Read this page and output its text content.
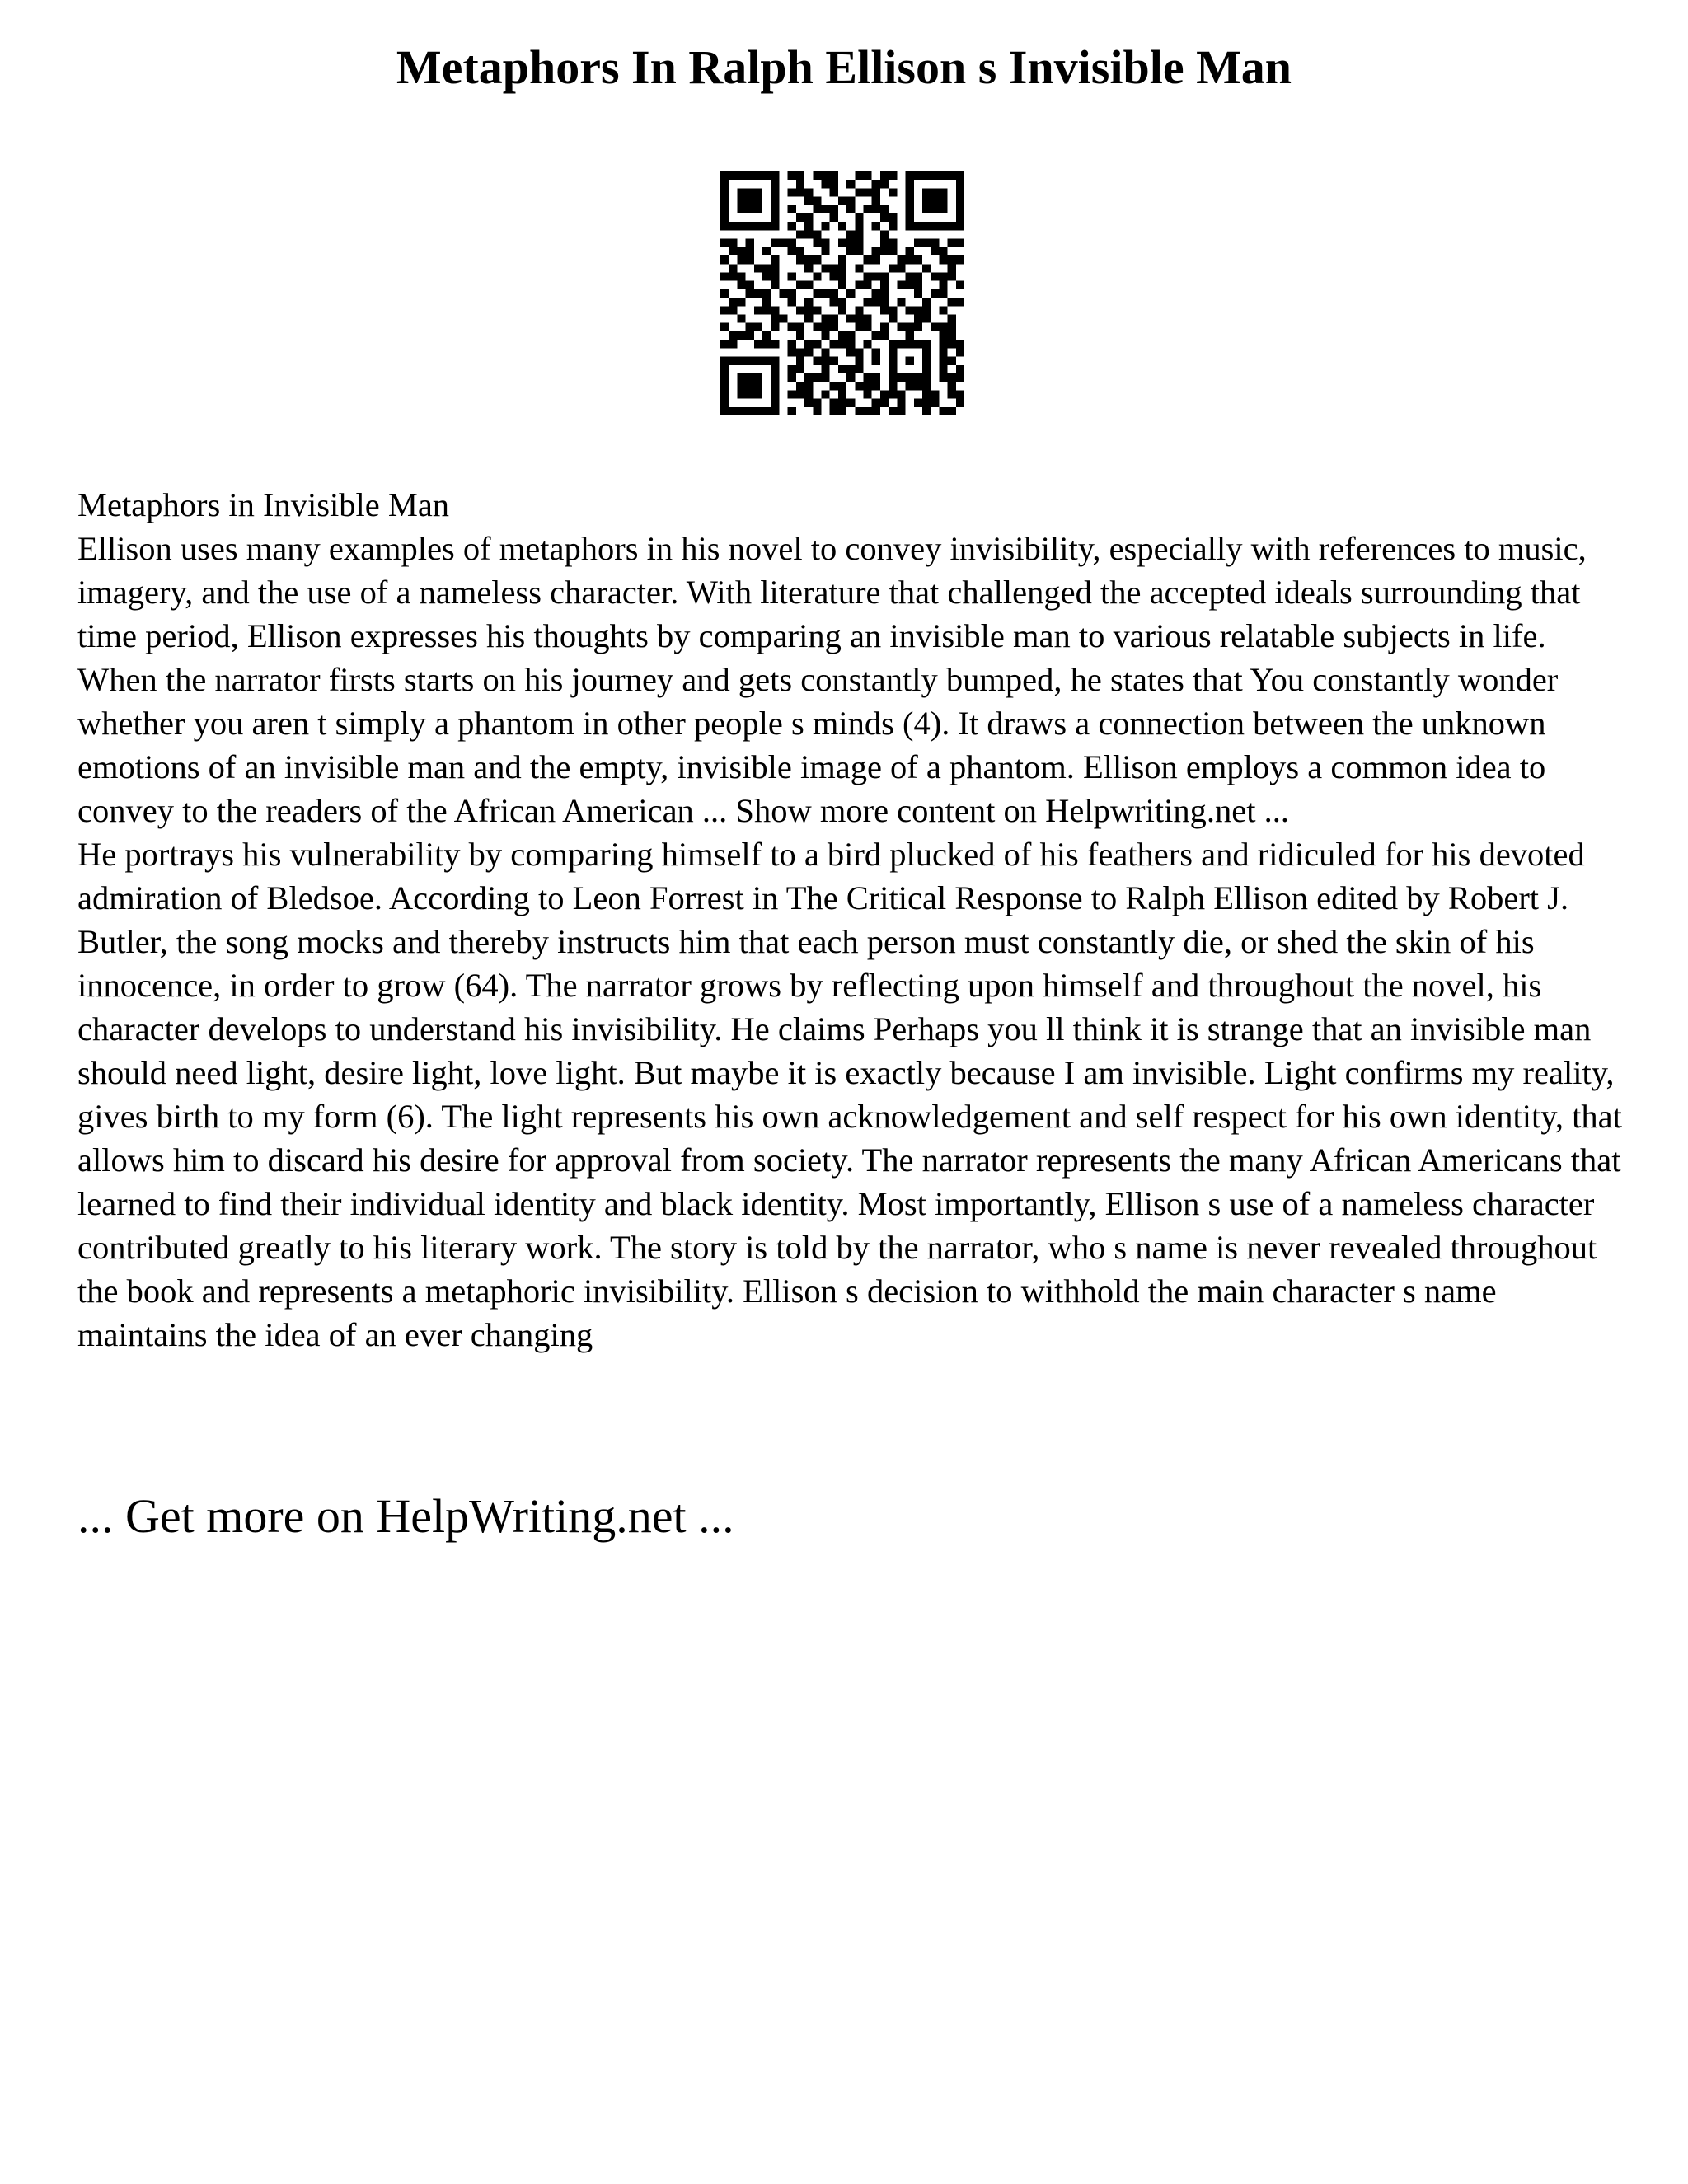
Metaphors In Ralph Ellison s Invisible Man

Metaphors in Invisible Man

Ellison uses many examples of metaphors in his novel to convey invisibility, especially with references to music, imagery, and the use of a nameless character. With literature that challenged the accepted ideals surrounding that time period, Ellison expresses his thoughts by comparing an invisible man to various relatable subjects in life. When the narrator firsts starts on his journey and gets constantly bumped, he states that You constantly wonder whether you aren t simply a phantom in other people s minds (4). It draws a connection between the unknown emotions of an invisible man and the empty, invisible image of a phantom. Ellison employs a common idea to convey to the readers of the African American ... Show more content on Helpwriting.net ...

He portrays his vulnerability by comparing himself to a bird plucked of his feathers and ridiculed for his devoted admiration of Bledsoe. According to Leon Forrest in The Critical Response to Ralph Ellison edited by Robert J. Butler, the song mocks and thereby instructs him that each person must constantly die, or shed the skin of his innocence, in order to grow (64). The narrator grows by reflecting upon himself and throughout the novel, his character develops to understand his invisibility. He claims Perhaps you ll think it is strange that an invisible man should need light, desire light, love light. But maybe it is exactly because I am invisible. Light confirms my reality, gives birth to my form (6). The light represents his own acknowledgement and self respect for his own identity, that allows him to discard his desire for approval from society. The narrator represents the many African Americans that learned to find their individual identity and black identity. Most importantly, Ellison s use of a nameless character contributed greatly to his literary work. The story is told by the narrator, who s name is never revealed throughout the book and represents a metaphoric invisibility. Ellison s decision to withhold the main character s name maintains the idea of an ever changing

... Get more on HelpWriting.net ...
